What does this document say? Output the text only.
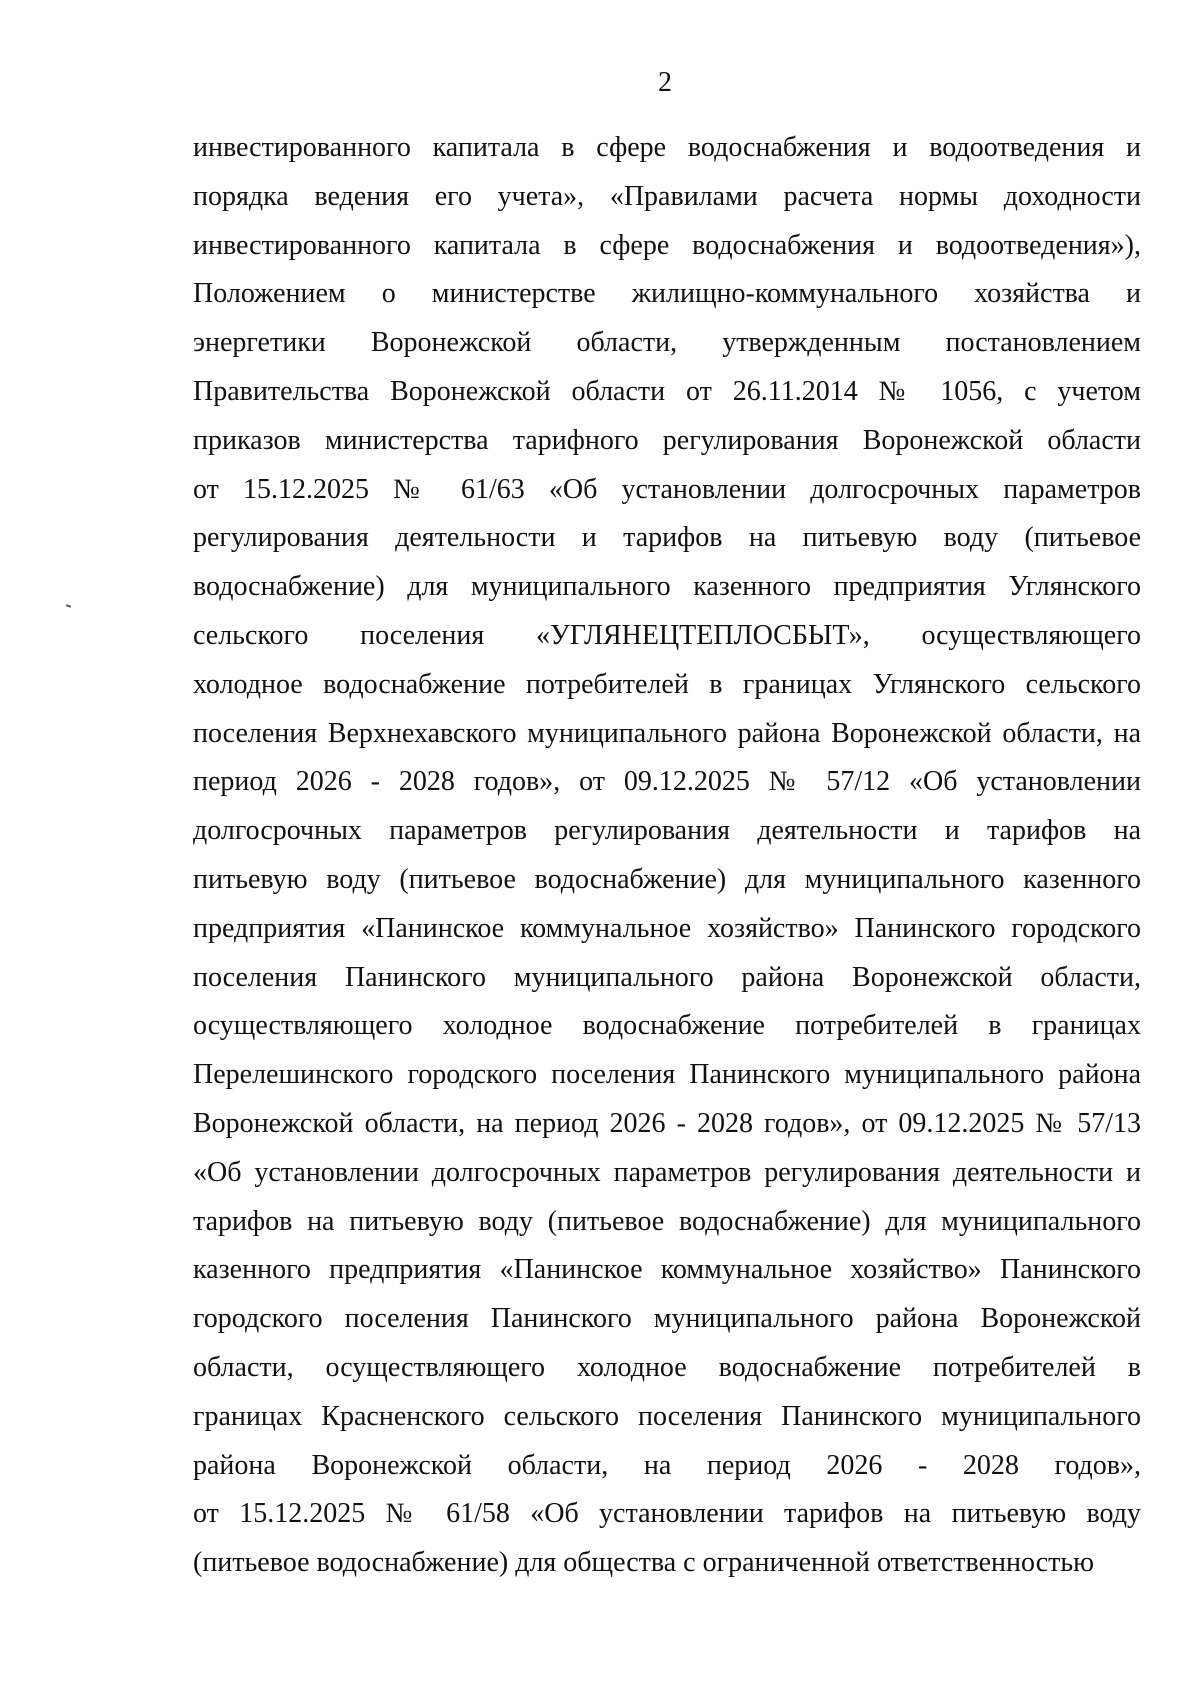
2
инвестированного капитала в сфере водоснабжения и водоотведения и
порядка ведения его учета», «Правилами расчета нормы доходности
инвестированного капитала в сфере водоснабжения и водоотведения»),
Положением о министерстве жилищно-коммунального хозяйства и
энергетики Воронежской области, утвержденным постановлением
Правительства Воронежской области от 26.11.2014 № 1056, с учетом
приказов министерства тарифного регулирования Воронежской области
от 15.12.2025 № 61/63 «Об установлении долгосрочных параметров
регулирования деятельности и тарифов на питьевую воду (питьевое
водоснабжение) для муниципального казенного предприятия Углянского
сельского поселения «УГЛЯНЕЦТЕПЛОСБЫТ», осуществляющего
холодное водоснабжение потребителей в границах Углянского сельского
поселения Верхнехавского муниципального района Воронежской области, на
период 2026 - 2028 годов», от 09.12.2025 № 57/12 «Об установлении
долгосрочных параметров регулирования деятельности и тарифов на
питьевую воду (питьевое водоснабжение) для муниципального казенного
предприятия «Панинское коммунальное хозяйство» Панинского городского
поселения Панинского муниципального района Воронежской области,
осуществляющего холодное водоснабжение потребителей в границах
Перелешинского городского поселения Панинского муниципального района
Воронежской области, на период 2026 - 2028 годов», от 09.12.2025 № 57/13
«Об установлении долгосрочных параметров регулирования деятельности и
тарифов на питьевую воду (питьевое водоснабжение) для муниципального
казенного предприятия «Панинское коммунальное хозяйство» Панинского
городского поселения Панинского муниципального района Воронежской
области, осуществляющего холодное водоснабжение потребителей в
границах Красненского сельского поселения Панинского муниципального
района Воронежской области, на период 2026 - 2028 годов»,
от 15.12.2025 № 61/58 «Об установлении тарифов на питьевую воду
(питьевое водоснабжение) для общества с ограниченной ответственностью
